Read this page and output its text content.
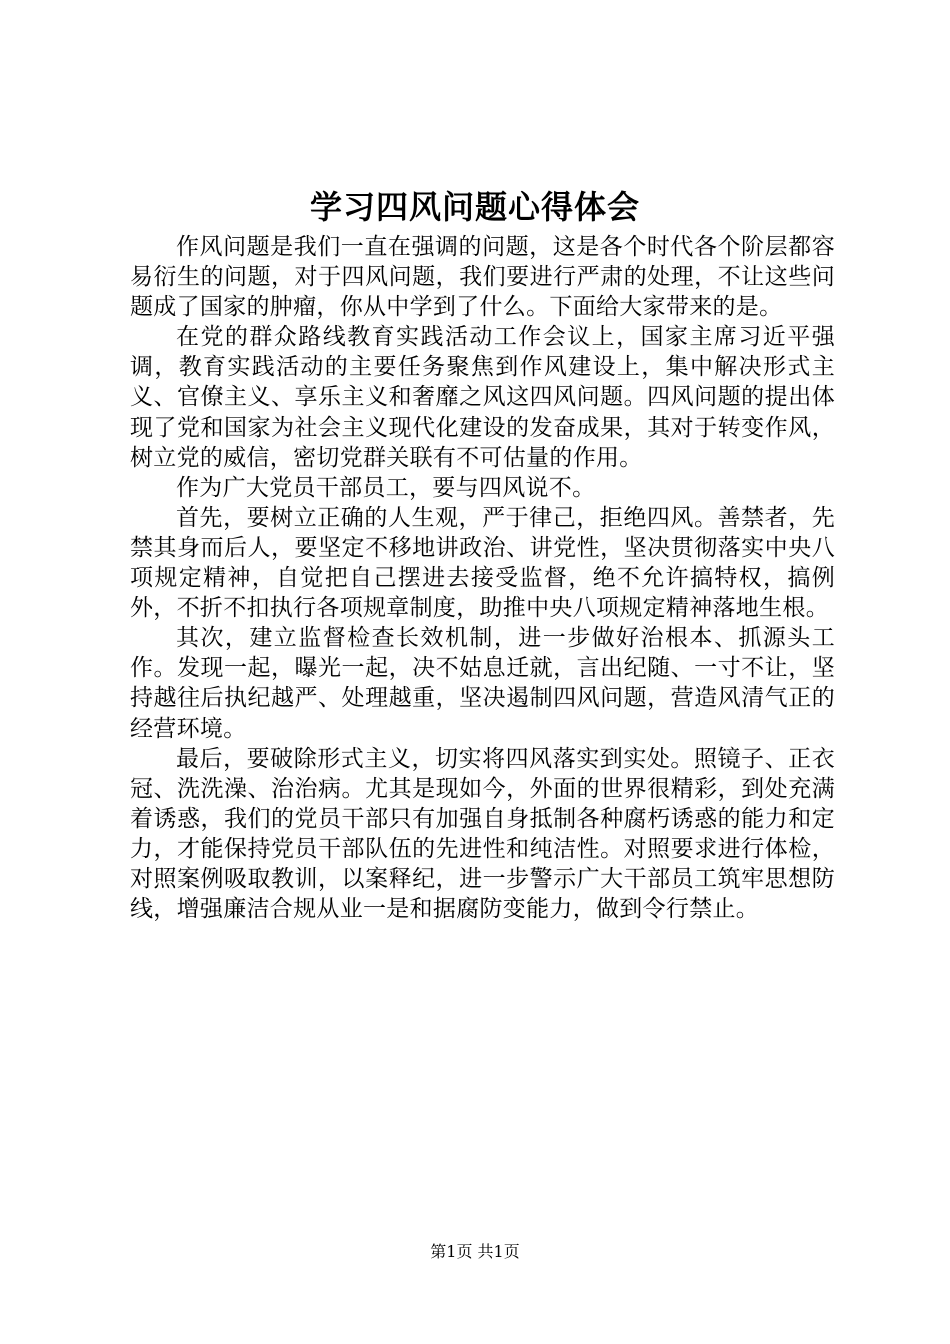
学习四风问题心得体会

作风问题是我们一直在强调的问题，这是各个时代各个阶层都容易衍生的问题，对于四风问题，我们要进行严肃的处理，不让这些问题成了国家的肿瘤，你从中学到了什么。下面给大家带来的是。

在党的群众路线教育实践活动工作会议上，国家主席习近平强调，教育实践活动的主要任务聚焦到作风建设上，集中解决形式主义、官僚主义、享乐主义和奢靡之风这四风问题。四风问题的提出体现了党和国家为社会主义现代化建设的发奋成果，其对于转变作风，树立党的威信，密切党群关联有不可估量的作用。

作为广大党员干部员工，要与四风说不。

首先，要树立正确的人生观，严于律己，拒绝四风。善禁者，先禁其身而后人，要坚定不移地讲政治、讲党性，坚决贯彻落实中央八项规定精神，自觉把自己摆进去接受监督，绝不允许搞特权，搞例外，不折不扣执行各项规章制度，助推中央八项规定精神落地生根。

其次，建立监督检查长效机制，进一步做好治根本、抓源头工作。发现一起，曝光一起，决不姑息迁就，言出纪随、一寸不让，坚持越往后执纪越严、处理越重，坚决遏制四风问题，营造风清气正的经营环境。

最后，要破除形式主义，切实将四风落实到实处。照镜子、正衣冠、洗洗澡、治治病。尤其是现如今，外面的世界很精彩，到处充满着诱惑，我们的党员干部只有加强自身抵制各种腐朽诱惑的能力和定力，才能保持党员干部队伍的先进性和纯洁性。对照要求进行体检，对照案例吸取教训，以案释纪，进一步警示广大干部员工筑牢思想防线，增强廉洁合规从业一是和据腐防变能力，做到令行禁止。

第1页 共1页
